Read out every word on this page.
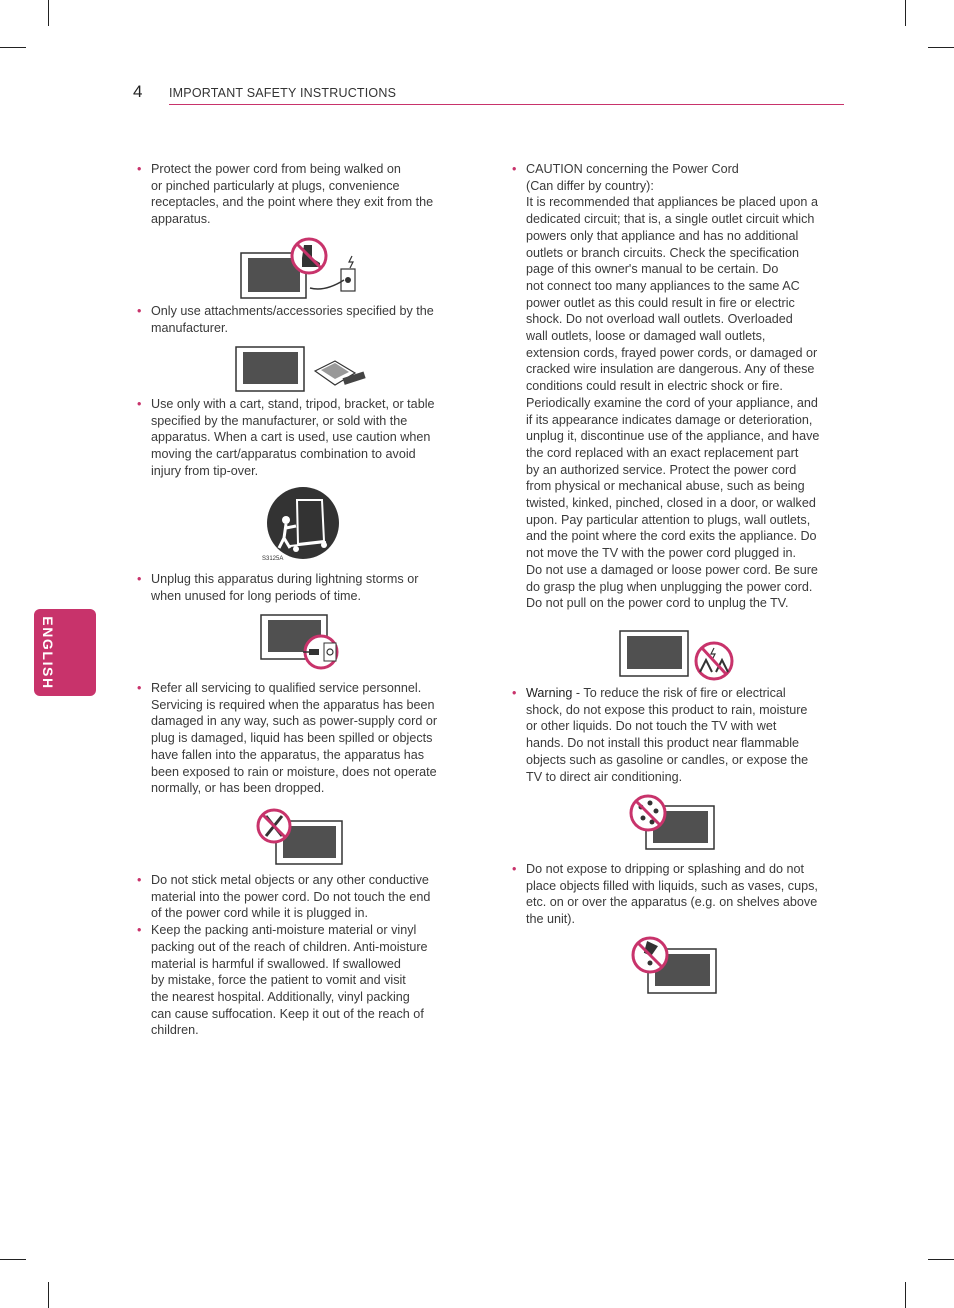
4 IMPORTANT SAFETY INSTRUCTIONS
ENGLISH

• Protect the power cord from being walked on
or pinched particularly at plugs, convenience
receptacles, and the point where they exit from the
apparatus.

• Only use attachments/accessories specified by the
manufacturer.

• Use only with a cart, stand, tripod, bracket, or table
specified by the manufacturer, or sold with the
apparatus. When a cart is used, use caution when
moving the cart/apparatus combination to avoid
injury from tip-over.

S3125A

• Unplug this apparatus during lightning storms or
when unused for long periods of time.

• Refer all servicing to qualified service personnel.
Servicing is required when the apparatus has been
damaged in any way, such as power-supply cord or
plug is damaged, liquid has been spilled or objects
have fallen into the apparatus, the apparatus has
been exposed to rain or moisture, does not operate
normally, or has been dropped.

• Do not stick metal objects or any other conductive
material into the power cord. Do not touch the end
of the power cord while it is plugged in.

• Keep the packing anti-moisture material or vinyl
packing out of the reach of children. Anti-moisture
material is harmful if swallowed. If swallowed
by mistake, force the patient to vomit and visit
the nearest hospital. Additionally, vinyl packing
can cause suffocation. Keep it out of the reach of
children.

• CAUTION concerning the Power Cord
(Can differ by country):
It is recommended that appliances be placed upon a
dedicated circuit; that is, a single outlet circuit which
powers only that appliance and has no additional
outlets or branch circuits. Check the specification
page of this owner's manual to be certain. Do
not connect too many appliances to the same AC
power outlet as this could result in fire or electric
shock. Do not overload wall outlets. Overloaded
wall outlets, loose or damaged wall outlets,
extension cords, frayed power cords, or damaged or
cracked wire insulation are dangerous. Any of these
conditions could result in electric shock or fire.
Periodically examine the cord of your appliance, and
if its appearance indicates damage or deterioration,
unplug it, discontinue use of the appliance, and have
the cord replaced with an exact replacement part
by an authorized service. Protect the power cord
from physical or mechanical abuse, such as being
twisted, kinked, pinched, closed in a door, or walked
upon. Pay particular attention to plugs, wall outlets,
and the point where the cord exits the appliance. Do
not move the TV with the power cord plugged in.
Do not use a damaged or loose power cord. Be sure
do grasp the plug when unplugging the power cord.
Do not pull on the power cord to unplug the TV.

• Warning - To reduce the risk of fire or electrical
shock, do not expose this product to rain, moisture
or other liquids. Do not touch the TV with wet
hands. Do not install this product near flammable
objects such as gasoline or candles, or expose the
TV to direct air conditioning.

• Do not expose to dripping or splashing and do not
place objects filled with liquids, such as vases, cups,
etc. on or over the apparatus (e.g. on shelves above
the unit).
